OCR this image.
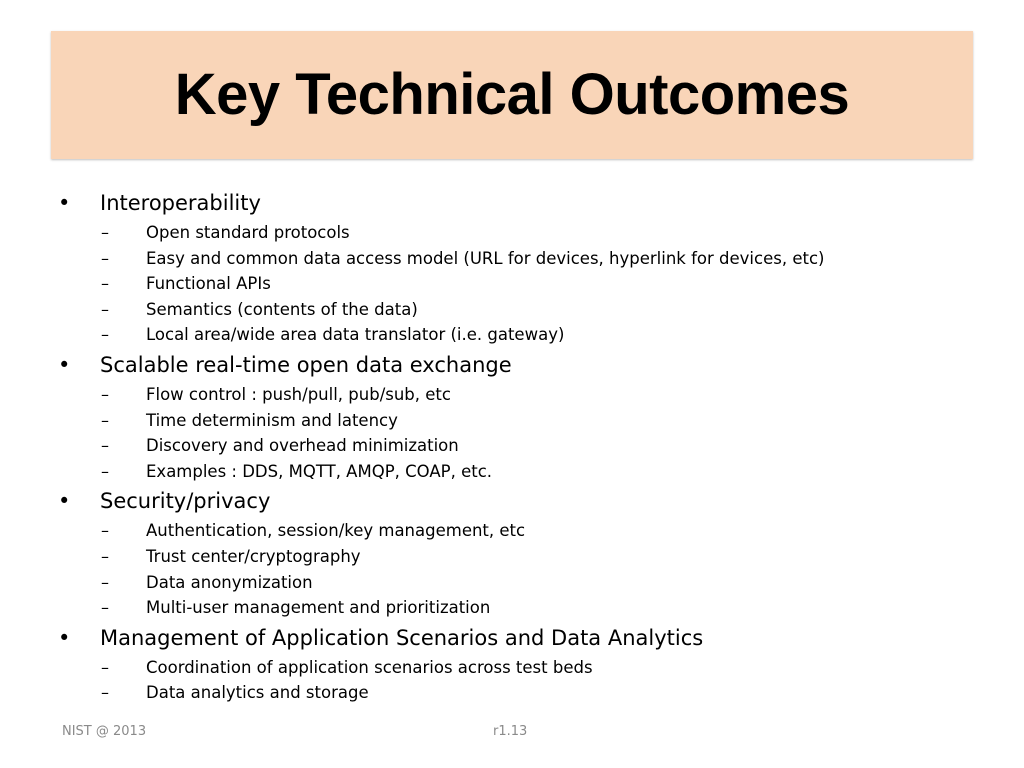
Key Technical Outcomes
• Interoperability
– Open standard protocols
– Easy and common data access model (URL for devices, hyperlink for devices, etc)
– Functional APIs
– Semantics (contents of the data)
– Local area/wide area data translator (i.e. gateway)
• Scalable real-time open data exchange
– Flow control : push/pull, pub/sub, etc
– Time determinism and latency
– Discovery and overhead minimization
– Examples : DDS, MQTT, AMQP, COAP, etc.
• Security/privacy
– Authentication, session/key management, etc
– Trust center/cryptography
– Data anonymization
– Multi-user management and prioritization
• Management of Application Scenarios and Data Analytics
– Coordination of application scenarios across test beds
– Data analytics and storage
NIST @ 2013	r1.13
